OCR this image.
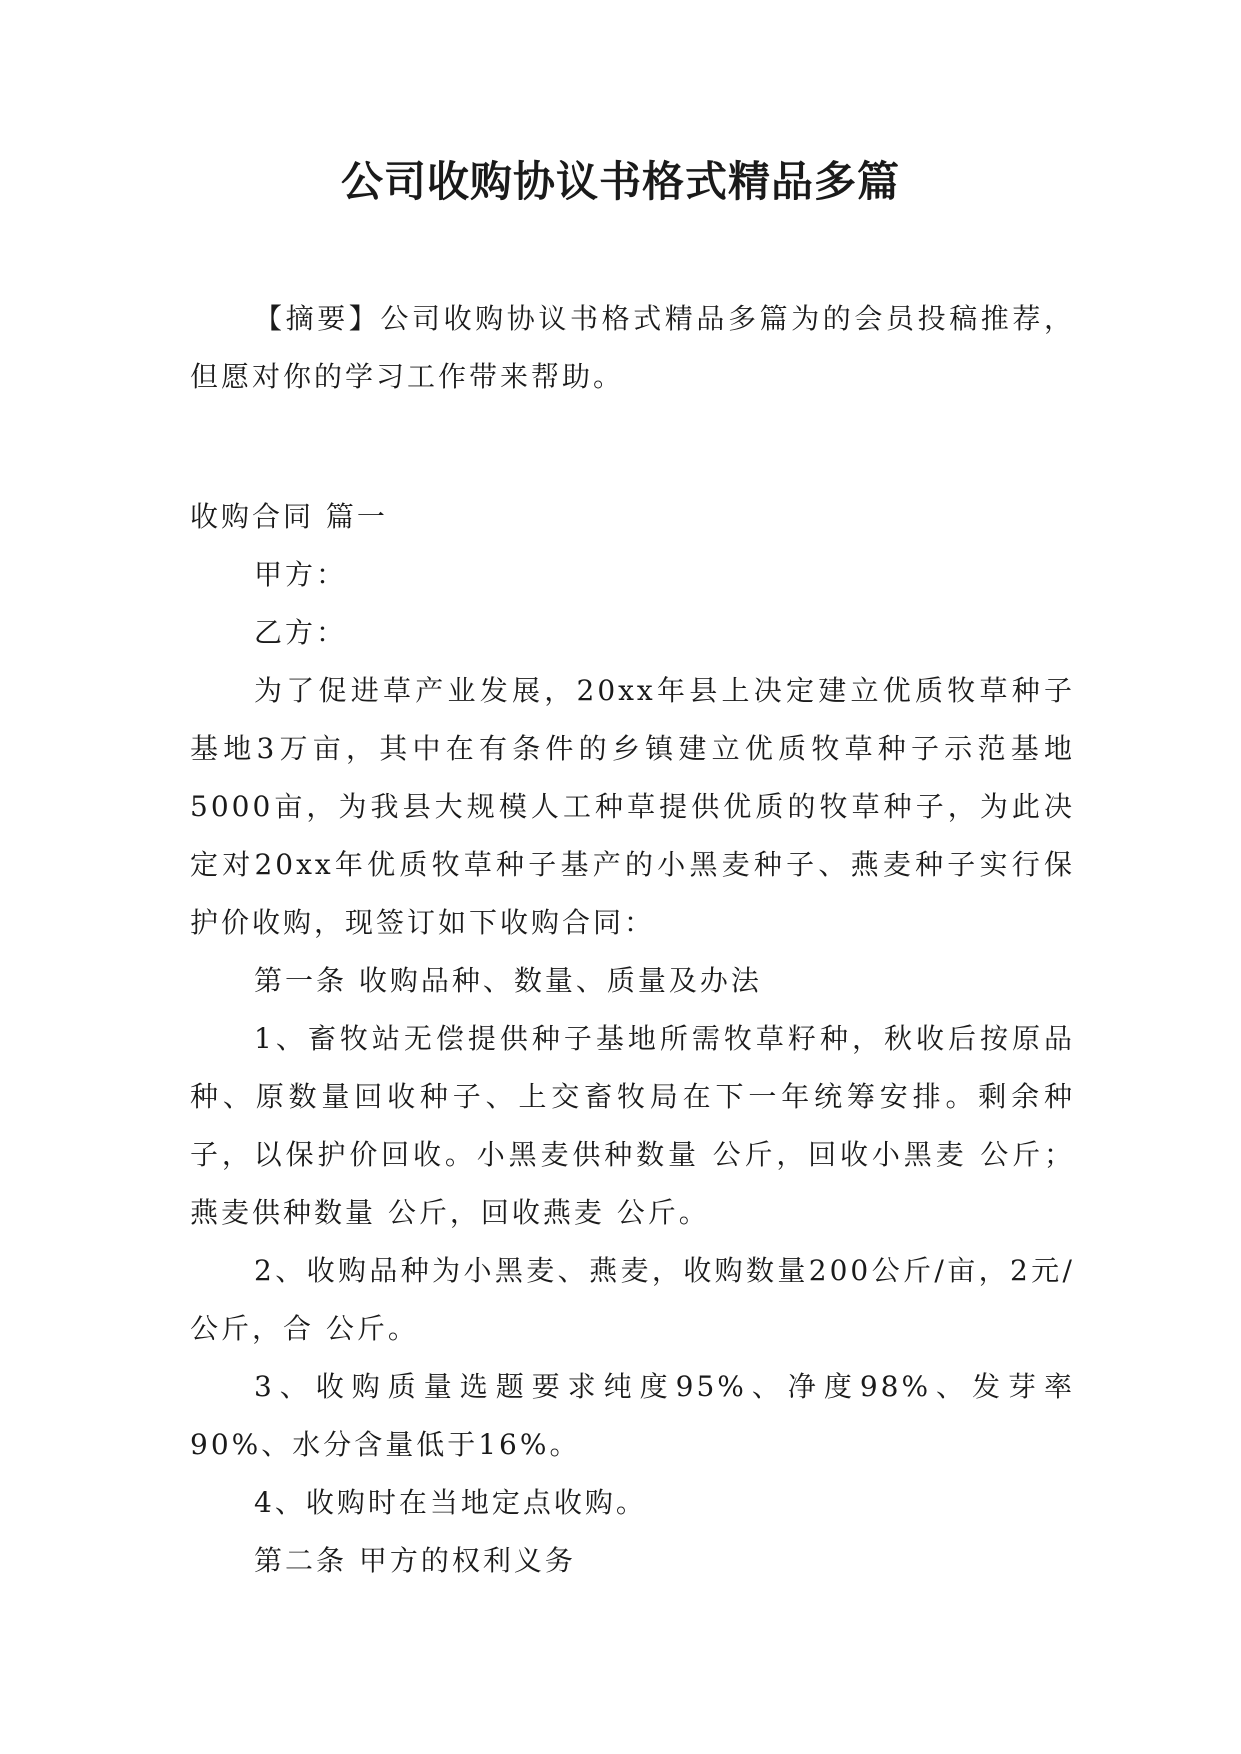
公司收购协议书格式精品多篇

【摘要】公司收购协议书格式精品多篇为的会员投稿推荐，但愿对你的学习工作带来帮助。

收购合同 篇一

甲方：

乙方：

为了促进草产业发展，20xx年县上决定建立优质牧草种子基地3万亩，其中在有条件的乡镇建立优质牧草种子示范基地5000亩，为我县大规模人工种草提供优质的牧草种子，为此决定对20xx年优质牧草种子基产的小黑麦种子、燕麦种子实行保护价收购，现签订如下收购合同：

第一条 收购品种、数量、质量及办法

1、畜牧站无偿提供种子基地所需牧草籽种，秋收后按原品种、原数量回收种子、上交畜牧局在下一年统筹安排。剩余种子，以保护价回收。小黑麦供种数量 公斤，回收小黑麦 公斤；燕麦供种数量 公斤，回收燕麦 公斤。

2、收购品种为小黑麦、燕麦，收购数量200公斤/亩，2元/公斤，合 公斤。

3、收购质量选题要求纯度95%、净度98%、发芽率90%、水分含量低于16%。

4、收购时在当地定点收购。

第二条 甲方的权利义务
